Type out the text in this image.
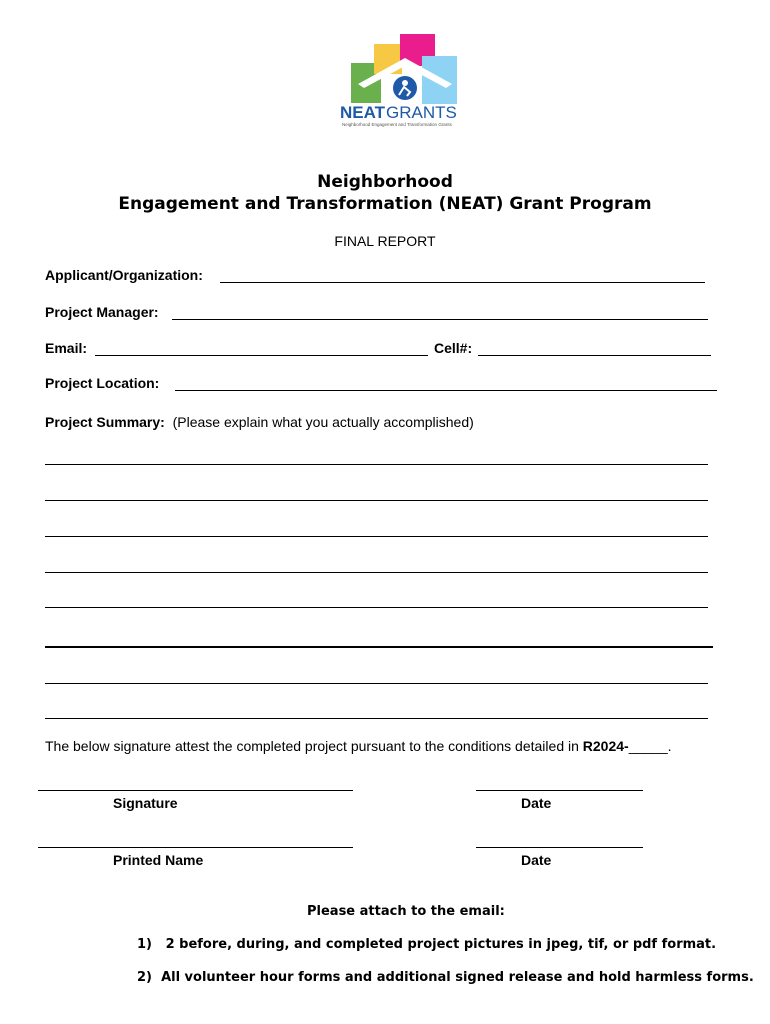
NEAT GRANTS
Neighborhood Engagement and Transformation Grants
Neighborhood
Engagement and Transformation (NEAT) Grant Program
FINAL REPORT
Applicant/Organization:
Project Manager:
Email:	Cell#:
Project Location:
Project Summary: (Please explain what you actually accomplished)
The below signature attest the completed project pursuant to the conditions detailed in R2024-_____.
Signature	Date
Printed Name	Date
Please attach to the email:
1) 2 before, during, and completed project pictures in jpeg, tif, or pdf format.
2) All volunteer hour forms and additional signed release and hold harmless forms.
